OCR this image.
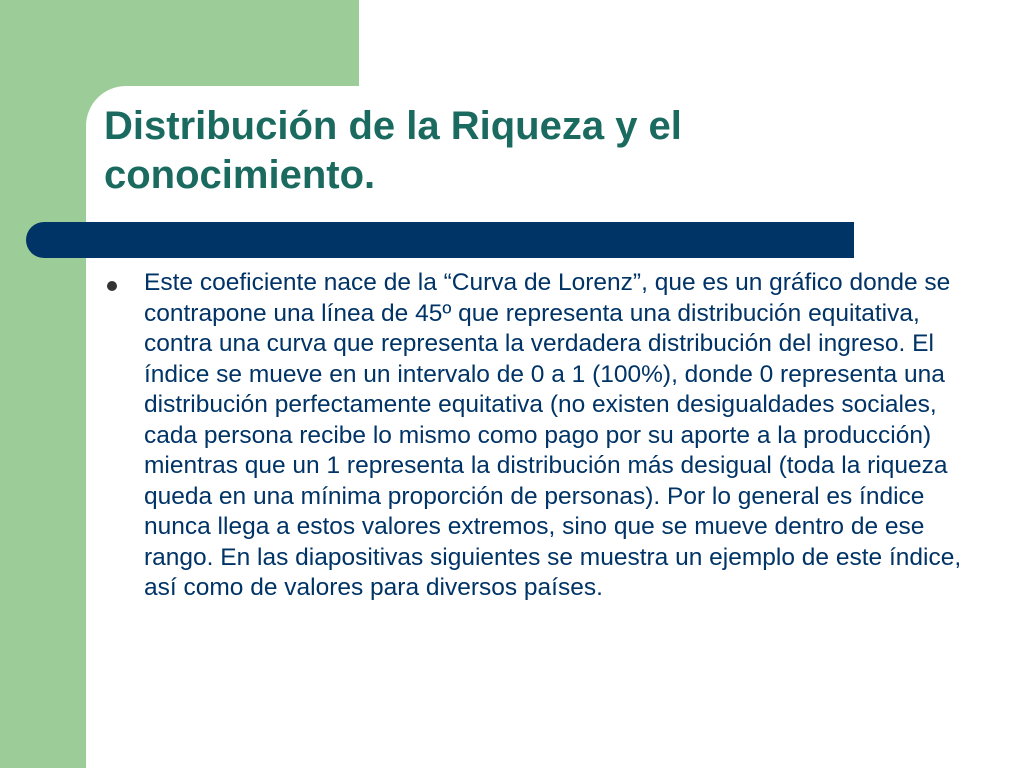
Distribución de la Riqueza y el conocimiento.

Este coeficiente nace de la “Curva de Lorenz”, que es un gráfico donde se contrapone una línea de 45º que representa una distribución equitativa, contra una curva que representa la verdadera distribución del ingreso. El índice se mueve en un intervalo de 0 a 1 (100%), donde 0 representa una distribución perfectamente equitativa (no existen desigualdades sociales, cada persona recibe lo mismo como pago por su aporte a la producción) mientras que un 1 representa la distribución más desigual (toda la riqueza queda en una mínima proporción de personas). Por lo general es índice nunca llega a estos valores extremos, sino que se mueve dentro de ese rango. En las diapositivas siguientes se muestra un ejemplo de este índice, así como de valores para diversos países.
